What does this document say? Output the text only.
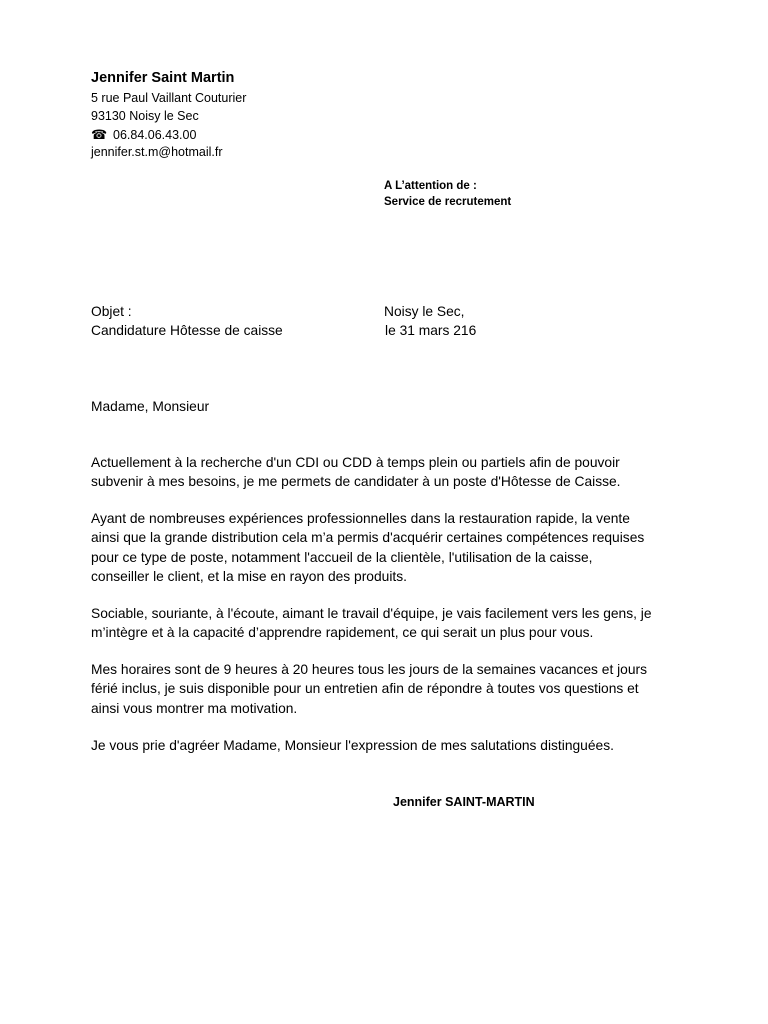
Jennifer Saint Martin
5 rue Paul Vaillant Couturier
93130 Noisy le Sec
☎ 06.84.06.43.00
jennifer.st.m@hotmail.fr
A L’attention de :
Service de recrutement
Objet :
Candidature Hôtesse de caisse
Noisy le Sec,
le 31 mars 216
Madame, Monsieur

Actuellement à la recherche d'un CDI ou CDD à temps plein ou partiels afin de pouvoir
subvenir à mes besoins, je me permets de candidater à un poste d'Hôtesse de Caisse.

Ayant de nombreuses expériences professionnelles dans la restauration rapide, la vente
ainsi que la grande distribution cela m’a permis d'acquérir certaines compétences requises
pour ce type de poste, notamment l'accueil de la clientèle, l'utilisation de la caisse,
conseiller le client, et la mise en rayon des produits.

Sociable, souriante, à l'écoute, aimant le travail d'équipe, je vais facilement vers les gens, je
m’intègre et à la capacité d’apprendre rapidement, ce qui serait un plus pour vous.

Mes horaires sont de 9 heures à 20 heures tous les jours de la semaines vacances et jours
férié inclus, je suis disponible pour un entretien afin de répondre à toutes vos questions et
ainsi vous montrer ma motivation.

Je vous prie d'agréer Madame, Monsieur l'expression de mes salutations distinguées.

Jennifer SAINT-MARTIN
